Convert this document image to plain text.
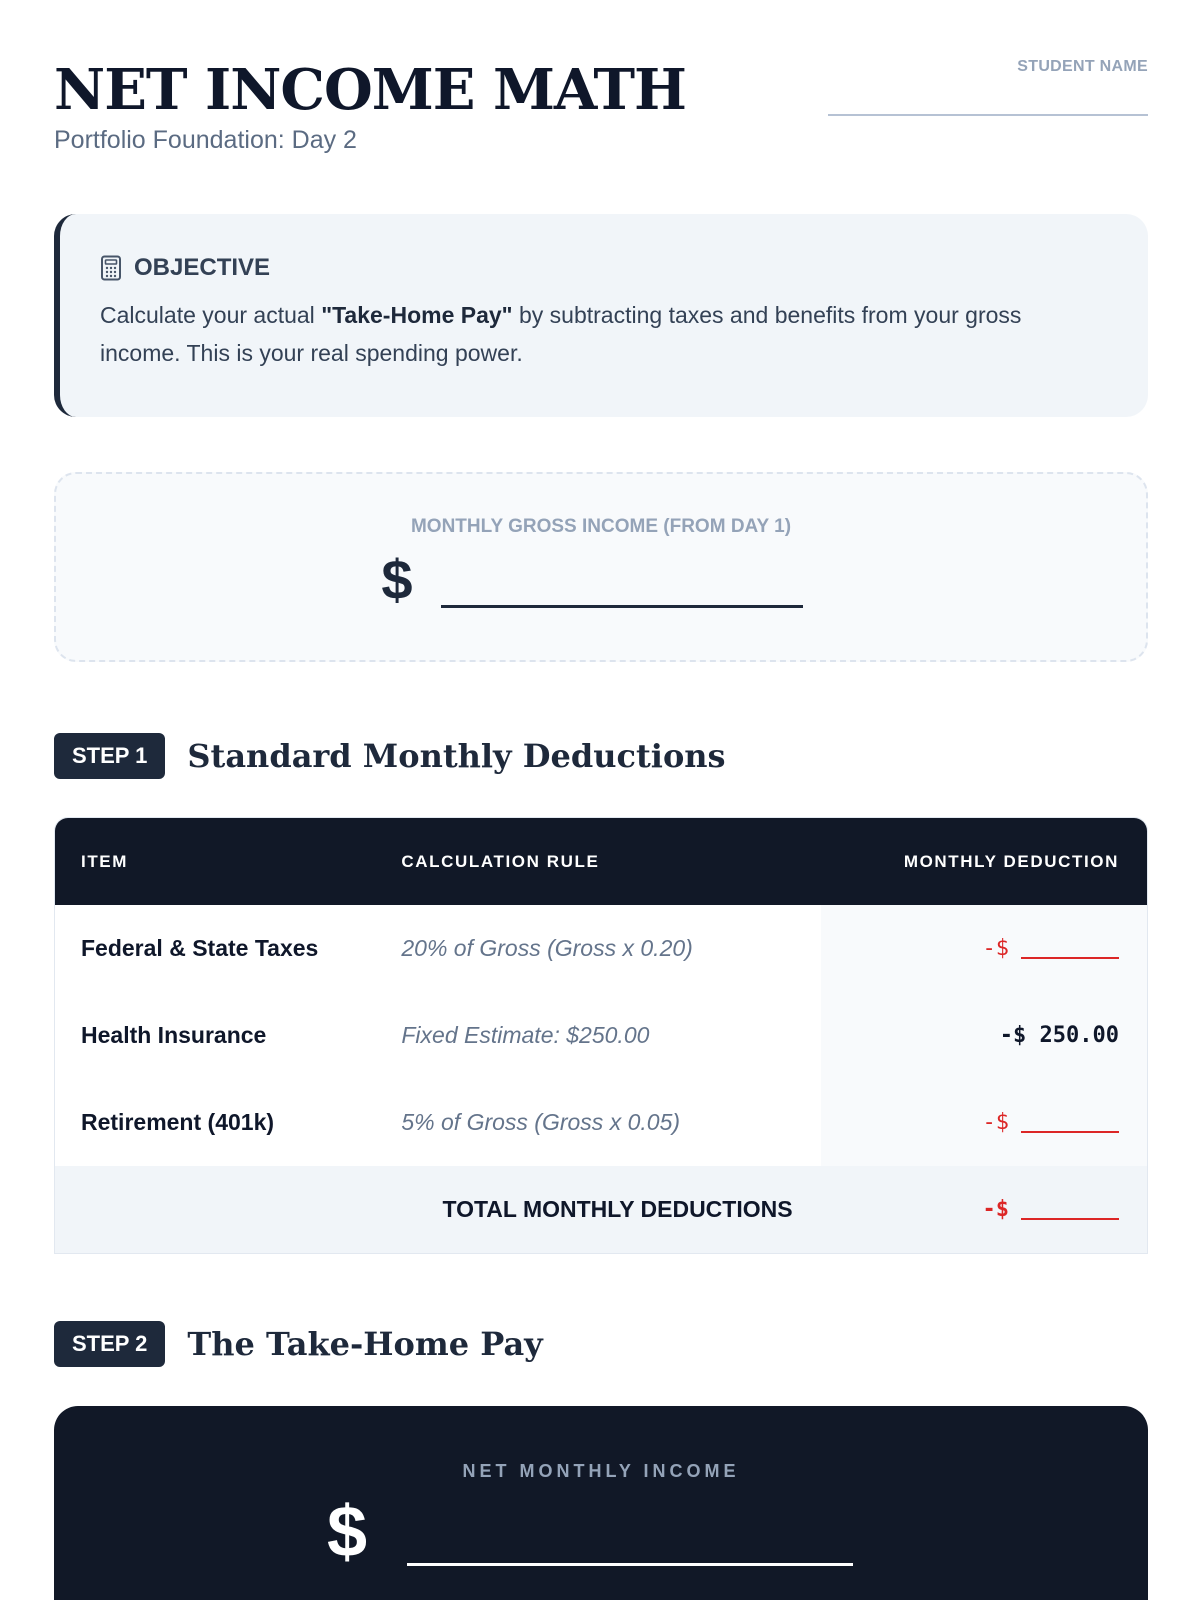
NET INCOME MATH
Portfolio Foundation: Day 2
STUDENT NAME
OBJECTIVE
Calculate your actual "Take-Home Pay" by subtracting taxes and benefits from your gross income. This is your real spending power.
MONTHLY GROSS INCOME (FROM DAY 1)
$
STEP 1	Standard Monthly Deductions
ITEM	CALCULATION RULE	MONTHLY DEDUCTION
Federal & State Taxes	20% of Gross (Gross x 0.20)	-$
Health Insurance	Fixed Estimate: $250.00	-$ 250.00
Retirement (401k)	5% of Gross (Gross x 0.05)	-$
TOTAL MONTHLY DEDUCTIONS	-$
STEP 2	The Take-Home Pay
NET MONTHLY INCOME
$
